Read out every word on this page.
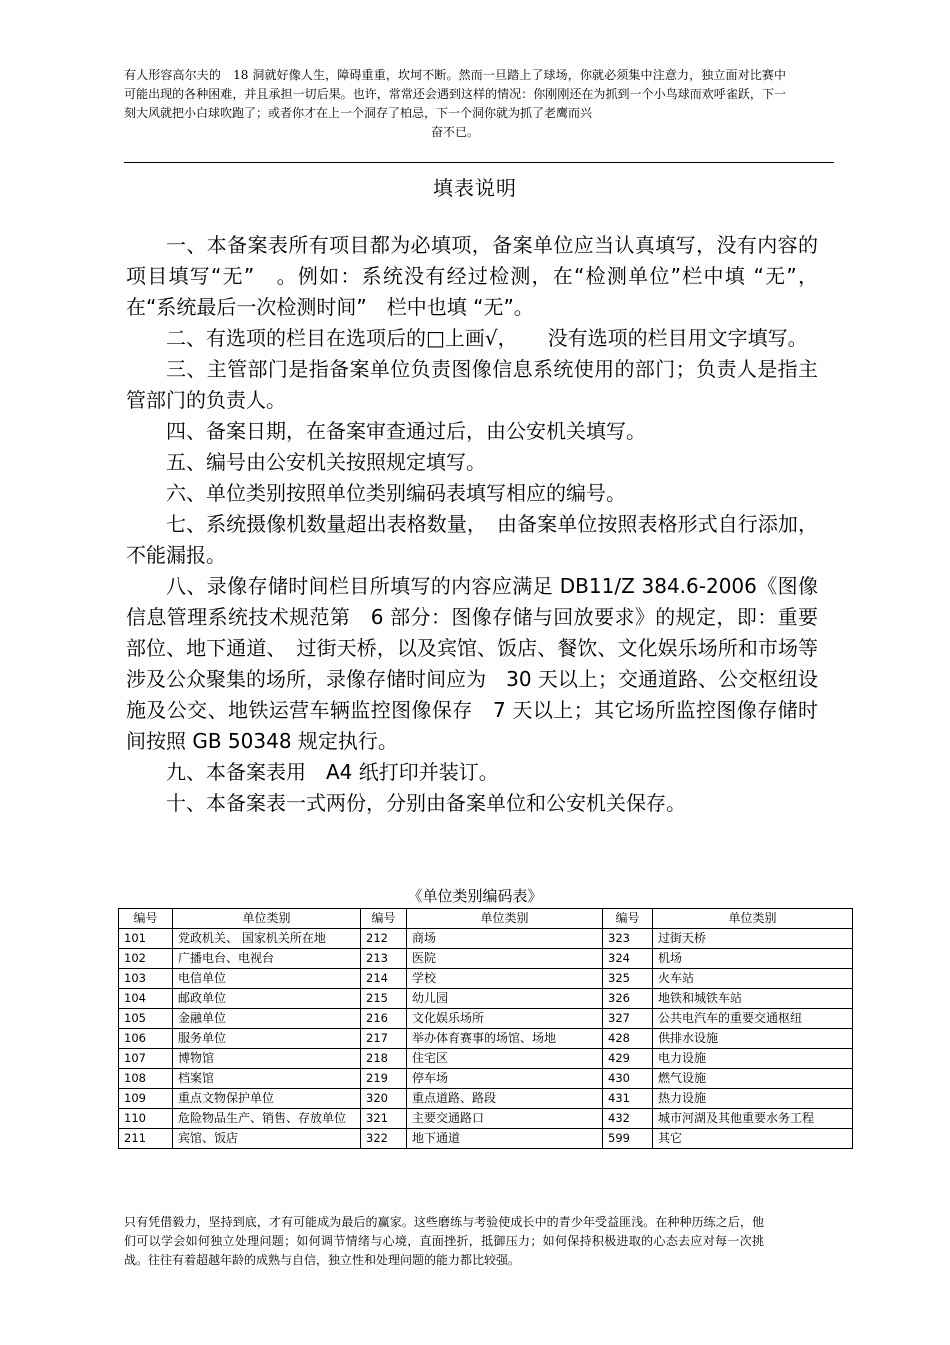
有人形容高尔夫的　18 洞就好像人生，障碍重重，坎坷不断。然而一旦踏上了球场，你就必须集中注意力，独立面对比赛中可能出现的各种困难，并且承担一切后果。也许，常常还会遇到这样的情况：你刚刚还在为抓到一个小鸟球而欢呼雀跃，下一刻大风就把小白球吹跑了；或者你才在上一个洞存了柏忌，下一个洞你就为抓了老鹰而兴
奋不已。
填表说明

一、本备案表所有项目都为必填项，备案单位应当认真填写，没有内容的项目填写“无”　。例如：系统没有经过检测，在“检测单位”栏中填 “无”，在“系统最后一次检测时间”　栏中也填 “无”。

二、有选项的栏目在选项后的□上画√，　　没有选项的栏目用文字填写。

三、主管部门是指备案单位负责图像信息系统使用的部门；负责人是指主管部门的负责人。

四、备案日期，在备案审查通过后，由公安机关填写。

五、编号由公安机关按照规定填写。

六、单位类别按照单位类别编码表填写相应的编号。

七、系统摄像机数量超出表格数量，　由备案单位按照表格形式自行添加，不能漏报。

八、录像存储时间栏目所填写的内容应满足 DB11/Z 384.6-2006《图像信息管理系统技术规范第　6 部分：图像存储与回放要求》的规定，即：重要部位、地下通道、　过街天桥，以及宾馆、饭店、餐饮、文化娱乐场所和市场等涉及公众聚集的场所，录像存储时间应为　30 天以上；交通道路、公交枢纽设施及公交、地铁运营车辆监控图像保存　7 天以上；其它场所监控图像存储时间按照 GB 50348 规定执行。

九、本备案表用　A4 纸打印并装订。

十、本备案表一式两份，分别由备案单位和公安机关保存。

《单位类别编码表》
编号	单位类别	编号	单位类别	编号	单位类别
101	党政机关、 国家机关所在地	212	商场	323	过街天桥
102	广播电台、电视台	213	医院	324	机场
103	电信单位	214	学校	325	火车站
104	邮政单位	215	幼儿园	326	地铁和城铁车站
105	金融单位	216	文化娱乐场所	327	公共电汽车的重要交通枢纽
106	服务单位	217	举办体育赛事的场馆、场地	428	供排水设施
107	博物馆	218	住宅区	429	电力设施
108	档案馆	219	停车场	430	燃气设施
109	重点文物保护单位	320	重点道路、路段	431	热力设施
110	危险物品生产、销售、存放单位	321	主要交通路口	432	城市河湖及其他重要水务工程
211	宾馆、饭店	322	地下通道	599	其它
只有凭借毅力，坚持到底，才有可能成为最后的赢家。这些磨练与考验使成长中的青少年受益匪浅。在种种历练之后，他们可以学会如何独立处理问题；如何调节情绪与心境，直面挫折，抵御压力；如何保持积极进取的心态去应对每一次挑战。往往有着超越年龄的成熟与自信，独立性和处理问题的能力都比较强。
